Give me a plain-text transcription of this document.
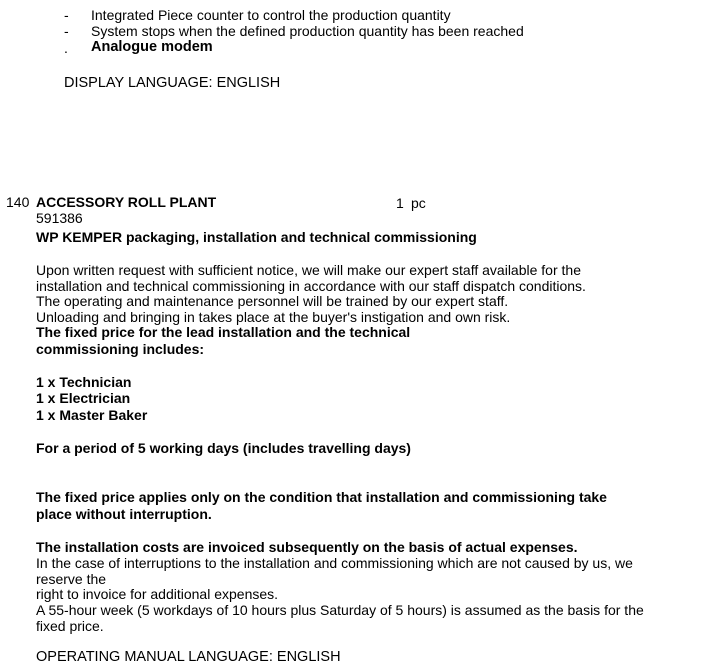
- Integrated Piece counter to control the production quantity
- System stops when the defined production quantity has been reached
. Analogue modem
DISPLAY LANGUAGE: ENGLISH
140 ACCESSORY ROLL PLANT	1 pc
591386
WP KEMPER packaging, installation and technical commissioning
Upon written request with sufficient notice, we will make our expert staff available for the
installation and technical commissioning in accordance with our staff dispatch conditions.
The operating and maintenance personnel will be trained by our expert staff.
Unloading and bringing in takes place at the buyer's instigation and own risk.
The fixed price for the lead installation and the technical
commissioning includes:
1 x Technician
1 x Electrician
1 x Master Baker
For a period of 5 working days (includes travelling days)
The fixed price applies only on the condition that installation and commissioning take
place without interruption.
The installation costs are invoiced subsequently on the basis of actual expenses.
In the case of interruptions to the installation and commissioning which are not caused by us, we
reserve the
right to invoice for additional expenses.
A 55-hour week (5 workdays of 10 hours plus Saturday of 5 hours) is assumed as the basis for the
fixed price.
OPERATING MANUAL LANGUAGE: ENGLISH
